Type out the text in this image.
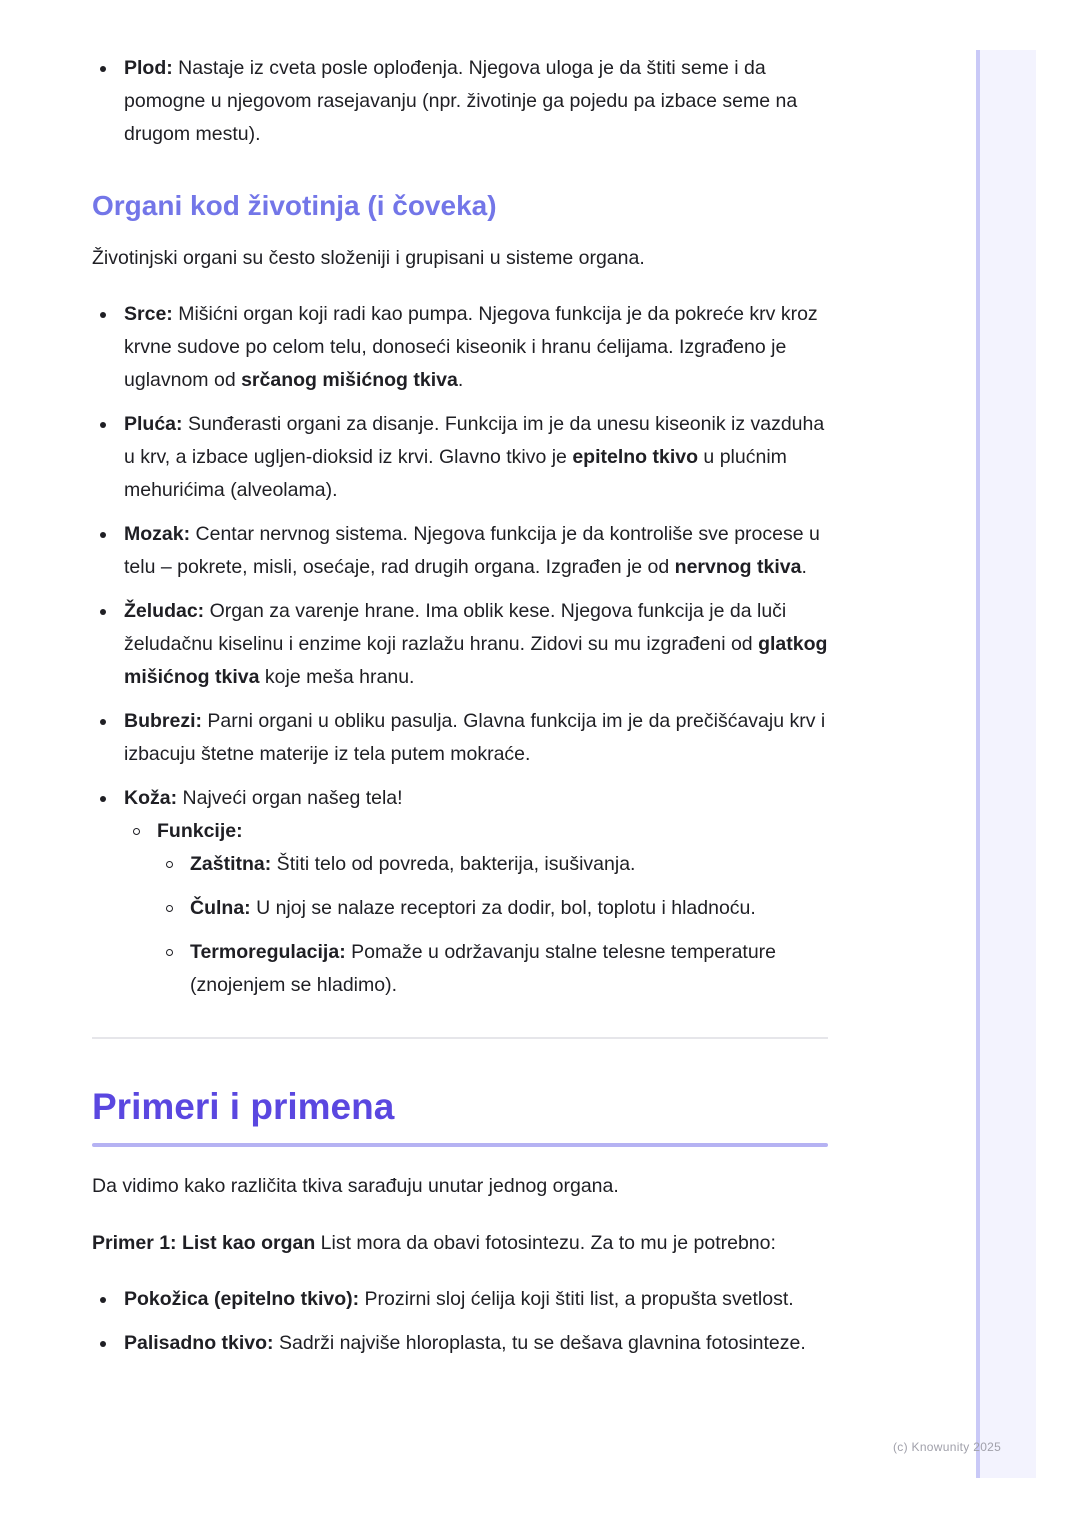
Plod: Nastaje iz cveta posle oplođenja. Njegova uloga je da štiti seme i da pomogne u njegovom rasejavanju (npr. životinje ga pojedu pa izbace seme na drugom mestu).
Organi kod životinja (i čoveka)

Životinjski organi su često složeniji i grupisani u sisteme organa.

Srce: Mišićni organ koji radi kao pumpa. Njegova funkcija je da pokreće krv kroz krvne sudove po celom telu, donoseći kiseonik i hranu ćelijama. Izgrađeno je uglavnom od srčanog mišićnog tkiva.
Pluća: Sunđerasti organi za disanje. Funkcija im je da unesu kiseonik iz vazduha u krv, a izbace ugljen-dioksid iz krvi. Glavno tkivo je epitelno tkivo u plućnim mehurićima (alveolama).
Mozak: Centar nervnog sistema. Njegova funkcija je da kontroliše sve procese u telu – pokrete, misli, osećaje, rad drugih organa. Izgrađen je od nervnog tkiva.
Želudac: Organ za varenje hrane. Ima oblik kese. Njegova funkcija je da luči želudačnu kiselinu i enzime koji razlažu hranu. Zidovi su mu izgrađeni od glatkog mišićnog tkiva koje meša hranu.
Bubrezi: Parni organi u obliku pasulja. Glavna funkcija im je da prečišćavaju krv i izbacuju štetne materije iz tela putem mokraće.
Koža: Najveći organ našeg tela!
Funkcije:
Zaštitna: Štiti telo od povreda, bakterija, isušivanja.
Čulna: U njoj se nalaze receptori za dodir, bol, toplotu i hladnoću.
Termoregulacija: Pomaže u održavanju stalne telesne temperature (znojenjem se hladimo).
Primeri i primena

Da vidimo kako različita tkiva sarađuju unutar jednog organa.

Primer 1: List kao organ List mora da obavi fotosintezu. Za to mu je potrebno:

Pokožica (epitelno tkivo): Prozirni sloj ćelija koji štiti list, a propušta svetlost.
Palisadno tkivo: Sadrži najviše hloroplasta, tu se dešava glavnina fotosinteze.
(c) Knowunity 2025
